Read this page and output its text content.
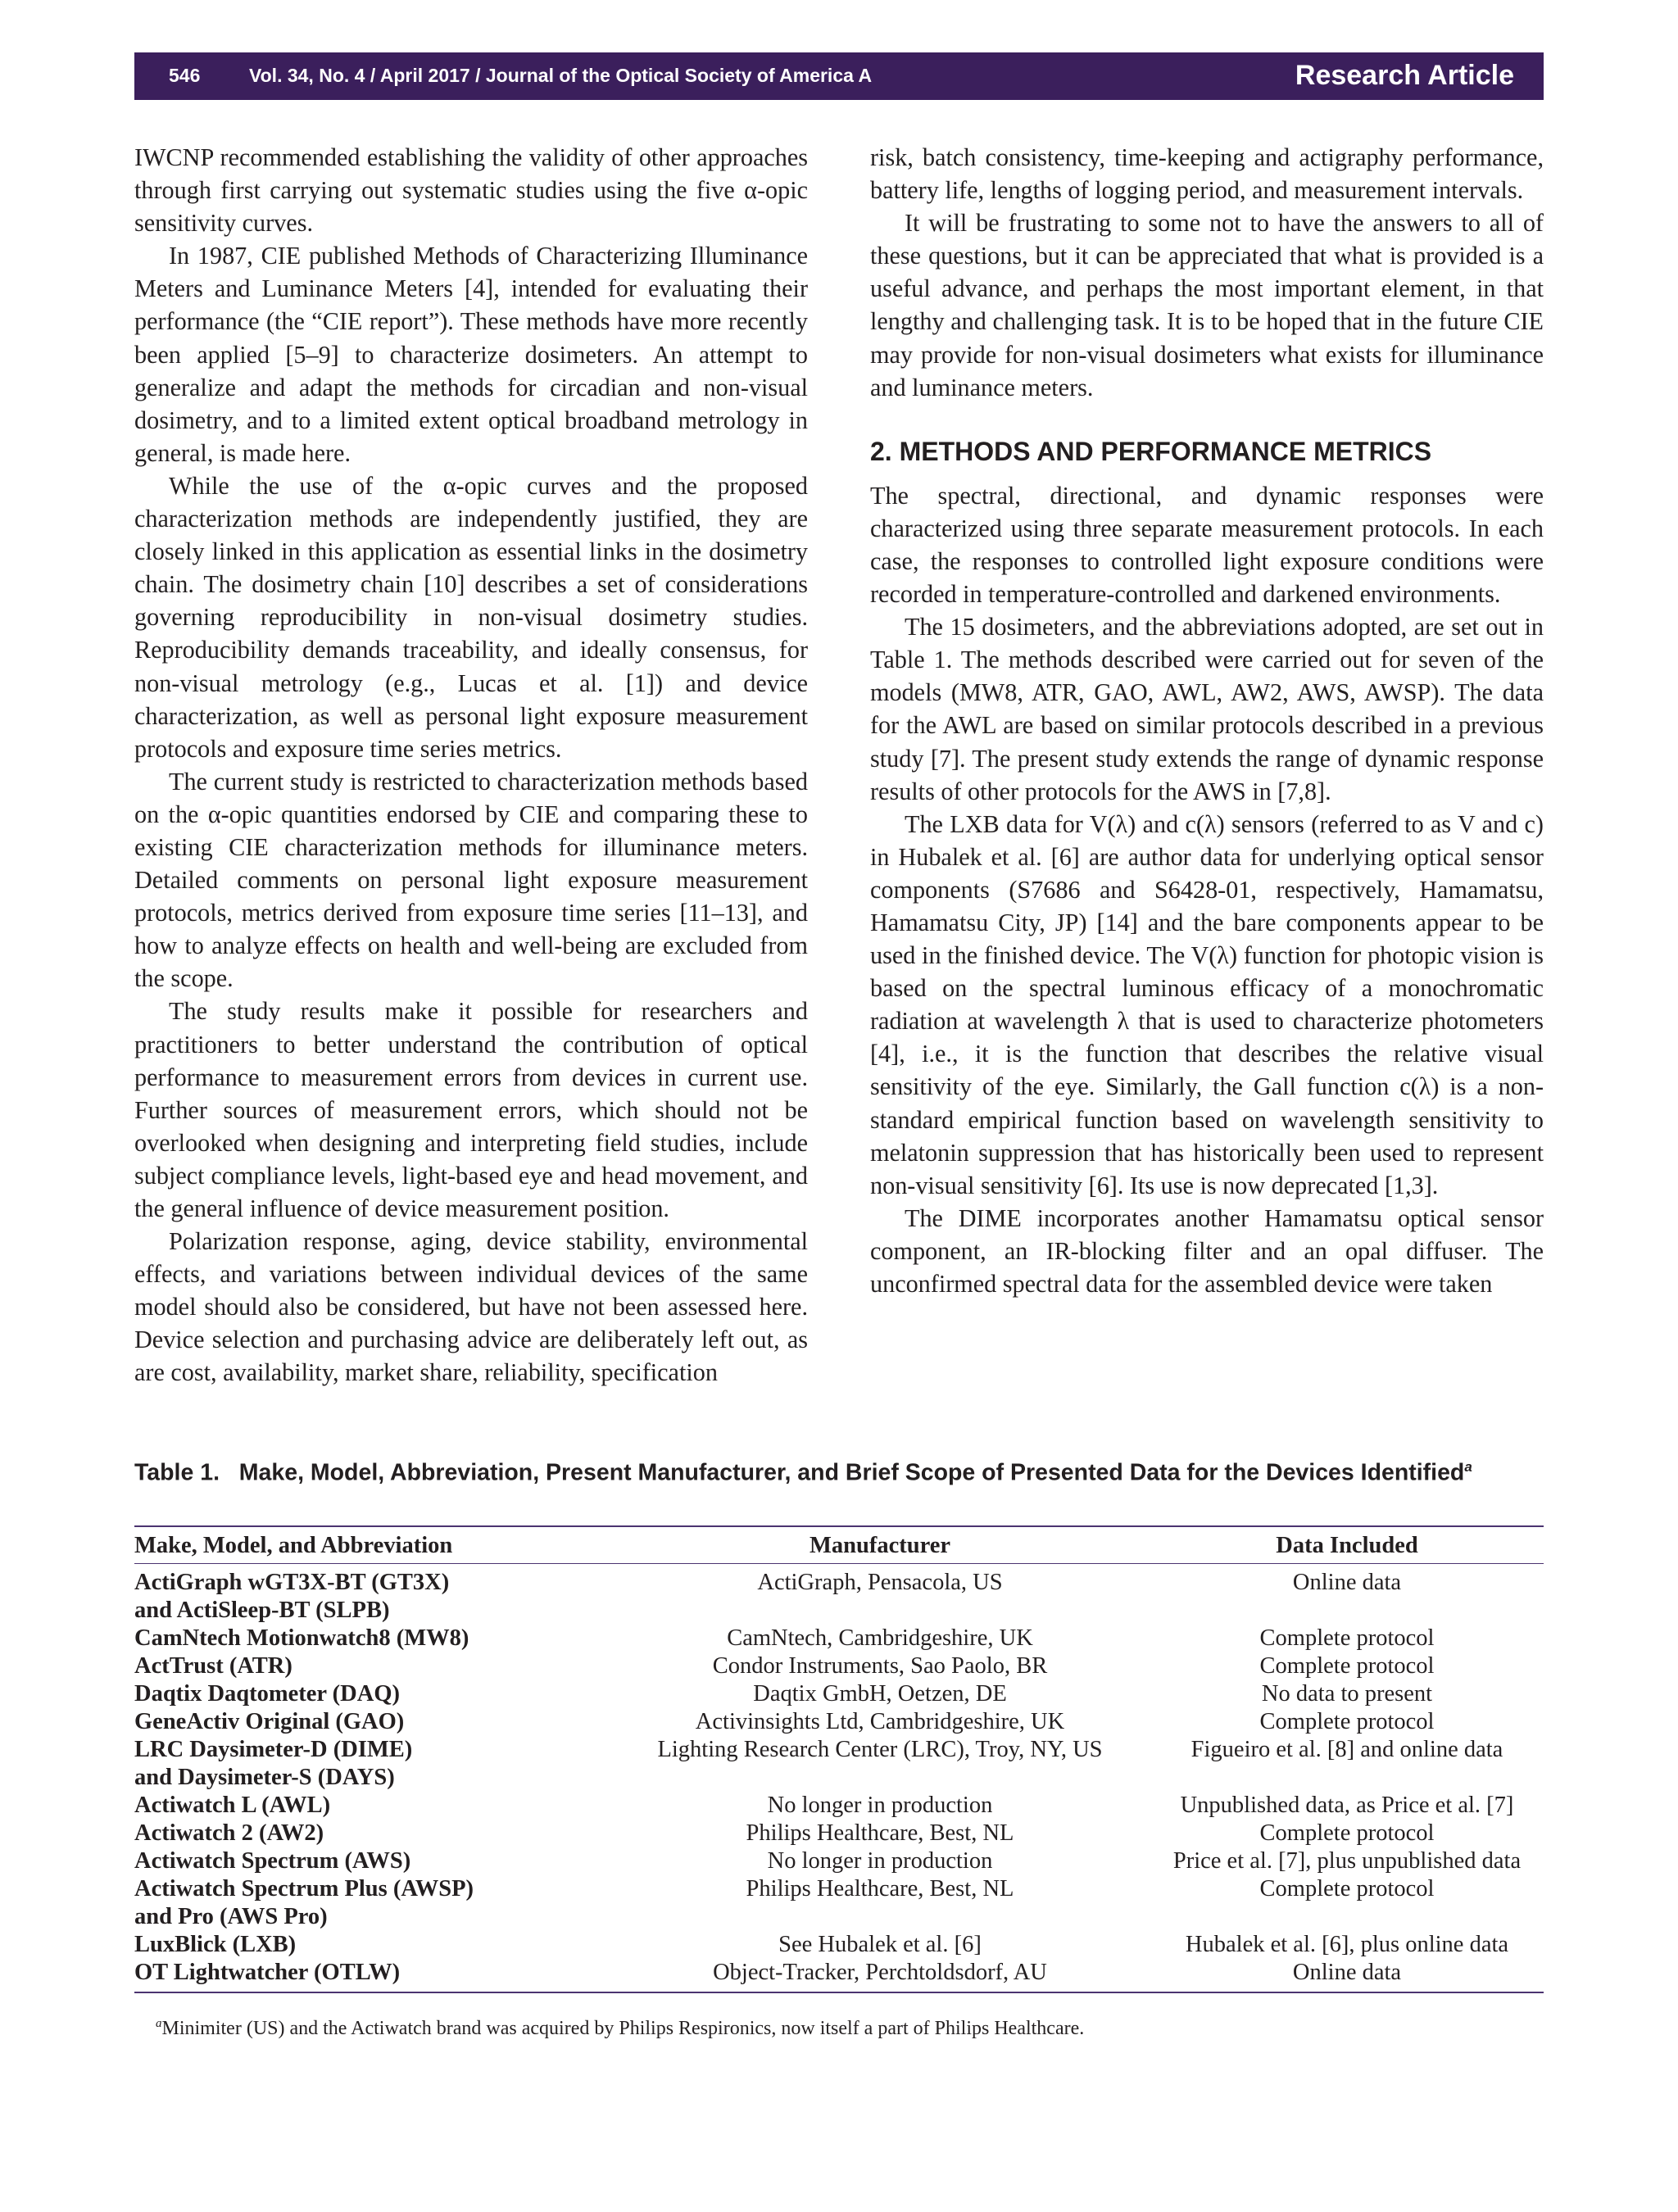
546	Vol. 34, No. 4 / April 2017 / Journal of the Optical Society of America A	Research Article

IWCNP recommended establishing the validity of other approaches through first carrying out systematic studies using the five α-opic sensitivity curves.

In 1987, CIE published Methods of Characterizing Illuminance Meters and Luminance Meters [4], intended for evaluating their performance (the “CIE report”). These methods have more recently been applied [5–9] to characterize dosimeters. An attempt to generalize and adapt the methods for circadian and non-visual dosimetry, and to a limited extent optical broadband metrology in general, is made here.

While the use of the α-opic curves and the proposed characterization methods are independently justified, they are closely linked in this application as essential links in the dosimetry chain. The dosimetry chain [10] describes a set of considerations governing reproducibility in non-visual dosimetry studies. Reproducibility demands traceability, and ideally consensus, for non-visual metrology (e.g., Lucas et al. [1]) and device characterization, as well as personal light exposure measurement protocols and exposure time series metrics.

The current study is restricted to characterization methods based on the α-opic quantities endorsed by CIE and comparing these to existing CIE characterization methods for illuminance meters. Detailed comments on personal light exposure measurement protocols, metrics derived from exposure time series [11–13], and how to analyze effects on health and well-being are excluded from the scope.

The study results make it possible for researchers and practitioners to better understand the contribution of optical performance to measurement errors from devices in current use. Further sources of measurement errors, which should not be overlooked when designing and interpreting field studies, include subject compliance levels, light-based eye and head movement, and the general influence of device measurement position.

Polarization response, aging, device stability, environmental effects, and variations between individual devices of the same model should also be considered, but have not been assessed here. Device selection and purchasing advice are deliberately left out, as are cost, availability, market share, reliability, specification

risk, batch consistency, time-keeping and actigraphy performance, battery life, lengths of logging period, and measurement intervals.

It will be frustrating to some not to have the answers to all of these questions, but it can be appreciated that what is provided is a useful advance, and perhaps the most important element, in that lengthy and challenging task. It is to be hoped that in the future CIE may provide for non-visual dosimeters what exists for illuminance and luminance meters.

2. METHODS AND PERFORMANCE METRICS

The spectral, directional, and dynamic responses were characterized using three separate measurement protocols. In each case, the responses to controlled light exposure conditions were recorded in temperature-controlled and darkened environments.

The 15 dosimeters, and the abbreviations adopted, are set out in Table 1. The methods described were carried out for seven of the models (MW8, ATR, GAO, AWL, AW2, AWS, AWSP). The data for the AWL are based on similar protocols described in a previous study [7]. The present study extends the range of dynamic response results of other protocols for the AWS in [7,8].

The LXB data for V(λ) and c(λ) sensors (referred to as V and c) in Hubalek et al. [6] are author data for underlying optical sensor components (S7686 and S6428-01, respectively, Hamamatsu, Hamamatsu City, JP) [14] and the bare components appear to be used in the finished device. The V(λ) function for photopic vision is based on the spectral luminous efficacy of a monochromatic radiation at wavelength λ that is used to characterize photometers [4], i.e., it is the function that describes the relative visual sensitivity of the eye. Similarly, the Gall function c(λ) is a non-standard empirical function based on wavelength sensitivity to melatonin suppression that has historically been used to represent non-visual sensitivity [6]. Its use is now deprecated [1,3].

The DIME incorporates another Hamamatsu optical sensor component, an IR-blocking filter and an opal diffuser. The unconfirmed spectral data for the assembled device were taken

Table 1. Make, Model, Abbreviation, Present Manufacturer, and Brief Scope of Presented Data for the Devices Identified$^a$
Make, Model, and Abbreviation	Manufacturer	Data Included
ActiGraph wGT3X-BT (GT3X)	ActiGraph, Pensacola, US	Online data
and ActiSleep-BT (SLPB)
CamNtech Motionwatch8 (MW8)	CamNtech, Cambridgeshire, UK	Complete protocol
ActTrust (ATR)	Condor Instruments, Sao Paolo, BR	Complete protocol
Daqtix Daqtometer (DAQ)	Daqtix GmbH, Oetzen, DE	No data to present
GeneActiv Original (GAO)	Activinsights Ltd, Cambridgeshire, UK	Complete protocol
LRC Daysimeter-D (DIME)	Lighting Research Center (LRC), Troy, NY, US	Figueiro et al. [8] and online data
and Daysimeter-S (DAYS)
Actiwatch L (AWL)	No longer in production	Unpublished data, as Price et al. [7]
Actiwatch 2 (AW2)	Philips Healthcare, Best, NL	Complete protocol
Actiwatch Spectrum (AWS)	No longer in production	Price et al. [7], plus unpublished data
Actiwatch Spectrum Plus (AWSP)	Philips Healthcare, Best, NL	Complete protocol
and Pro (AWS Pro)
LuxBlick (LXB)	See Hubalek et al. [6]	Hubalek et al. [6], plus online data
OT Lightwatcher (OTLW)	Object-Tracker, Perchtoldsdorf, AU	Online data
$^a$Minimiter (US) and the Actiwatch brand was acquired by Philips Respironics, now itself a part of Philips Healthcare.
